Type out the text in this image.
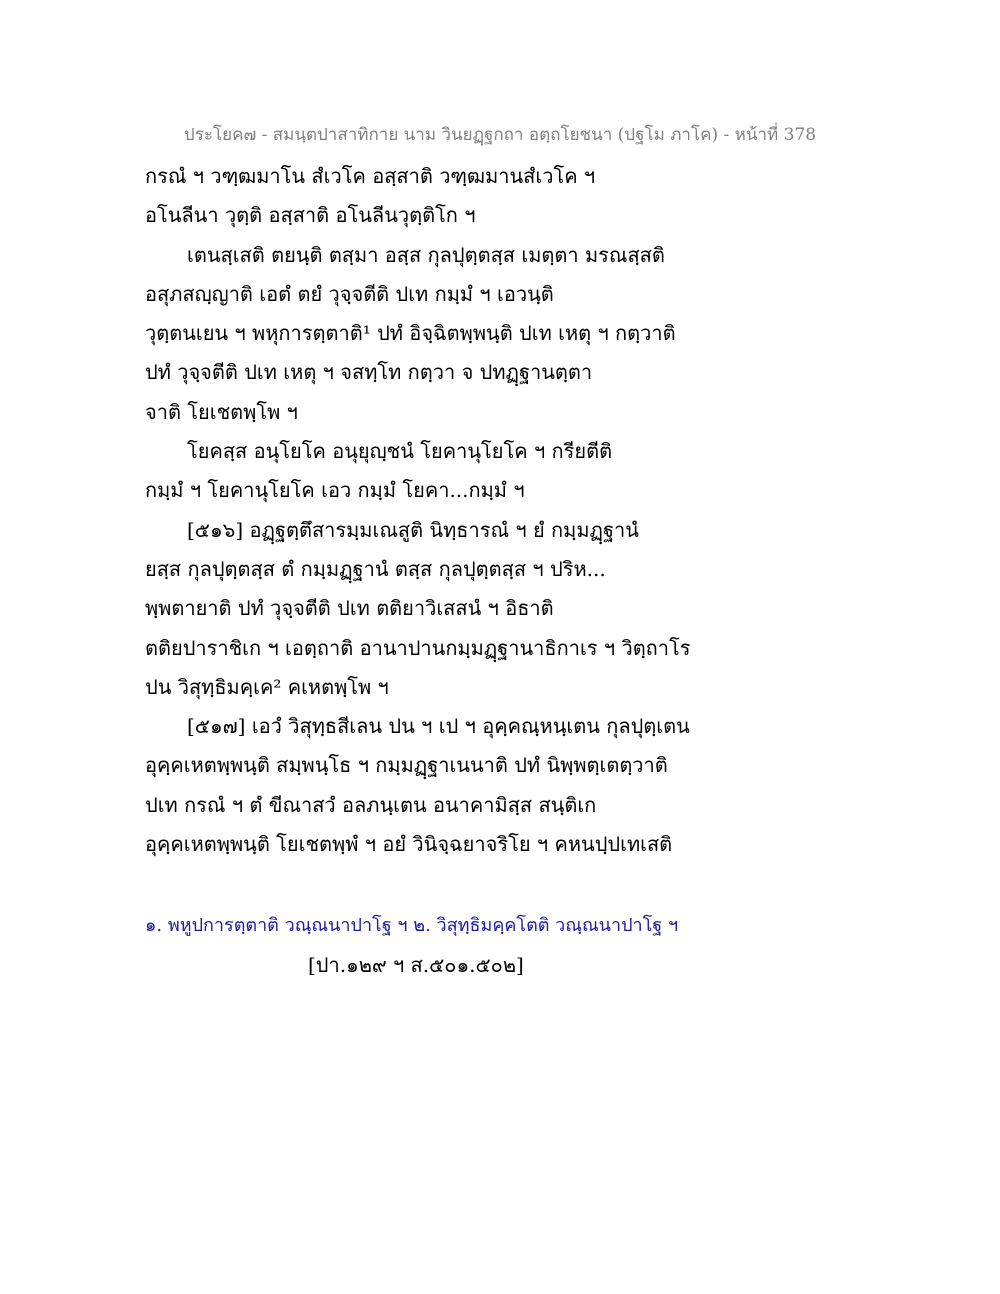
ประโยค๗ - สมนฺตปาสาทิกาย นาม วินยฏฺฐกถา อตฺถโยชนา (ปฐโม ภาโค) - หน้าที่ 378
กรณํ ฯ วฑฺฒมาโน สํเวโค อสฺสาติ วฑฺฒมานสํเวโค ฯ
อโนลีนา วุตฺติ อสฺสาติ อโนลีนวุตฺติโก ฯ
เตนสฺเสติ ตยนฺติ ตสฺมา อสฺส กุลปุตฺตสฺส เมตฺตา มรณสฺสติ
อสุภสญฺญาติ เอตํ ตยํ วุจฺจตีติ ปเท กมฺมํ ฯ เอวนฺติ
วุตฺตนเยน ฯ พหุการตฺตาติ¹ ปทํ อิจฺฉิตพฺพนฺติ ปเท เหตุ ฯ กตฺวาติ
ปทํ วุจฺจตีติ ปเท เหตุ ฯ จสทฺโท กตฺวา จ ปทฏฺฐานตฺตา
จาติ โยเชตพฺโพ ฯ
โยคสฺส อนุโยโค อนุยุญฺชนํ โยคานุโยโค ฯ กรียตีติ
กมฺมํ ฯ โยคานุโยโค เอว กมฺมํ โยคา...กมฺมํ ฯ
[๕๑๖] อฏฺฐตฺตึสารมฺมเณสูติ นิทฺธารณํ ฯ ยํ กมฺมฏฺฐานํ
ยสฺส กุลปุตฺตสฺส ตํ กมฺมฏฺฐานํ ตสฺส กุลปุตฺตสฺส ฯ ปริห...
พฺพตายาติ ปทํ วุจฺจตีติ ปเท ตติยาวิเสสนํ ฯ อิธาติ
ตติยปาราชิเก ฯ เอตฺถาติ อานาปานกมฺมฏฺฐานาธิกาเร ฯ วิตฺถาโร
ปน วิสุทฺธิมคฺเค² คเหตพฺโพ ฯ
[๕๑๗] เอวํ วิสุทฺธสีเลน ปน ฯ เป ฯ อุคฺคณฺหนฺเตน กุลปุตฺเตน
อุคฺคเหตพฺพนฺติ สมฺพนฺโธ ฯ กมฺมฏฺฐาเนนาติ ปทํ นิพฺพตฺเตตฺวาติ
ปเท กรณํ ฯ ตํ ขีณาสวํ อลภนฺเตน อนาคามิสฺส สนฺติเก
อุคฺคเหตพฺพนฺติ โยเชตพฺพํ ฯ อยํ วินิจฺฉยาจริโย ฯ คหนปฺปเทเสติ
๑. พหูปการตฺตาติ วณฺณนาปาโฐ ฯ ๒. วิสุทฺธิมคฺคโตติ วณฺณนาปาโฐ ฯ
[ปา.๑๒๙ ฯ ส.๕๐๑.๕๐๒]
